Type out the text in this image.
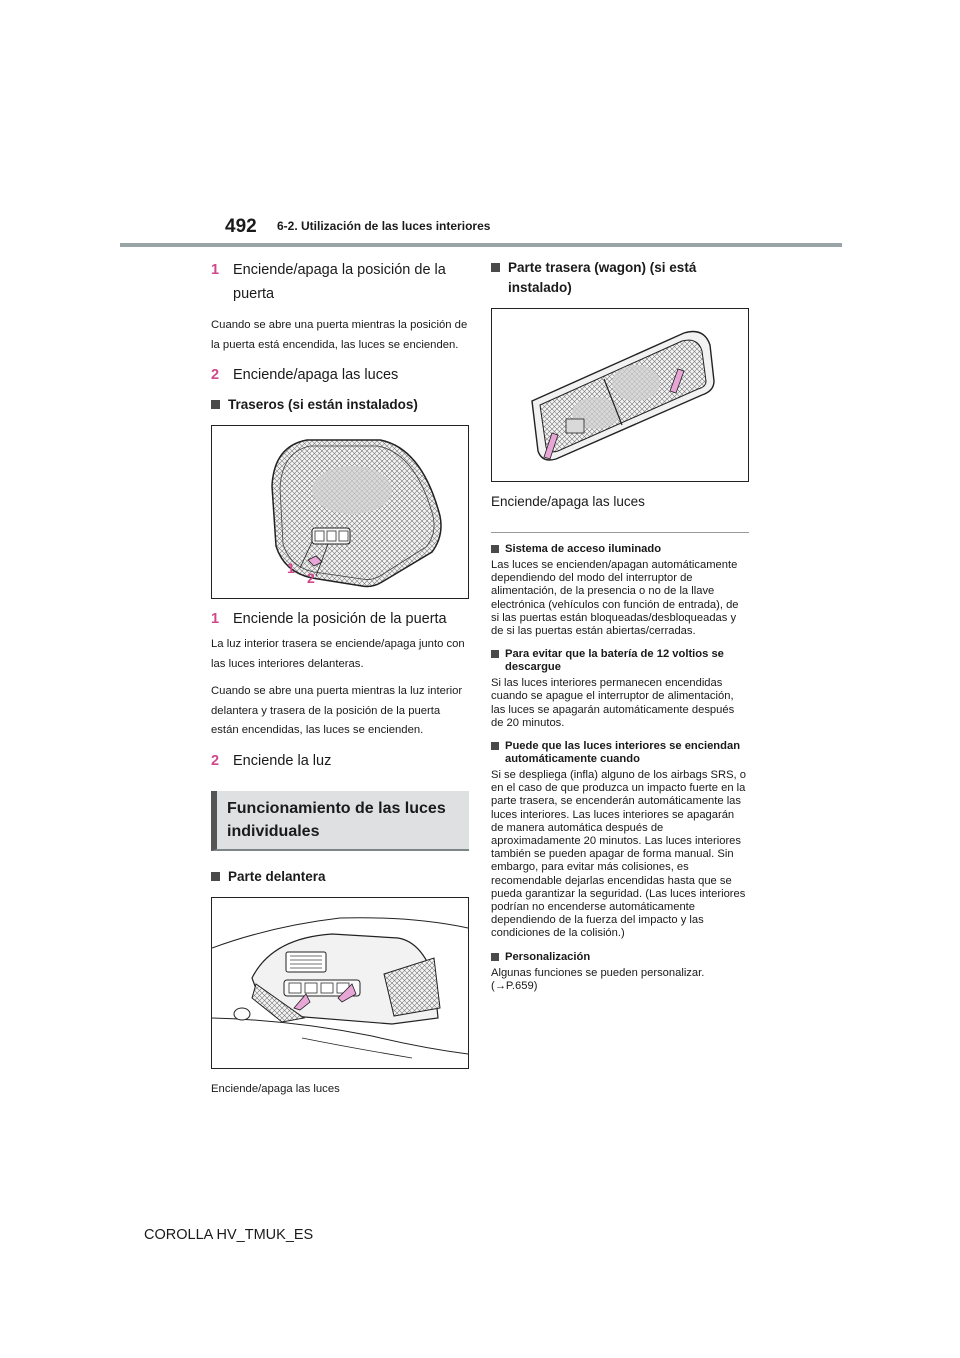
492 6-2. Utilización de las luces interiores
1 Enciende/apaga la posición de la puerta

Cuando se abre una puerta mientras la posición de la puerta está encendida, las luces se encienden.

2 Enciende/apaga las luces
Traseros (si están instalados)
1
2
1 Enciende la posición de la puerta

La luz interior trasera se enciende/apaga junto con las luces interiores delanteras.

Cuando se abre una puerta mientras la luz interior delantera y trasera de la posición de la puerta están encendidas, las luces se encienden.

2 Enciende la luz
Funcionamiento de las luces individuales
Parte delantera
Enciende/apaga las luces
Parte trasera (wagon) (si está instalado)
Enciende/apaga las luces
Sistema de acceso iluminado

Las luces se encienden/apagan automáticamente dependiendo del modo del interruptor de alimentación, de la presencia o no de la llave electrónica (vehículos con función de entrada), de si las puertas están bloqueadas/desbloqueadas y de si las puertas están abiertas/cerradas.

Para evitar que la batería de 12 voltios se descargue

Si las luces interiores permanecen encendidas cuando se apague el interruptor de alimentación, las luces se apagarán automáticamente después de 20 minutos.

Puede que las luces interiores se enciendan automáticamente cuando

Si se despliega (infla) alguno de los airbags SRS, o en el caso de que produzca un impacto fuerte en la parte trasera, se encenderán automáticamente las luces interiores. Las luces interiores se apagarán de manera automática después de aproximadamente 20 minutos. Las luces interiores también se pueden apagar de forma manual. Sin embargo, para evitar más colisiones, es recomendable dejarlas encendidas hasta que se pueda garantizar la seguridad. (Las luces interiores podrían no encenderse automáticamente dependiendo de la fuerza del impacto y las condiciones de la colisión.)

Personalización

Algunas funciones se pueden personalizar. (→P.659)

COROLLA HV_TMUK_ES
